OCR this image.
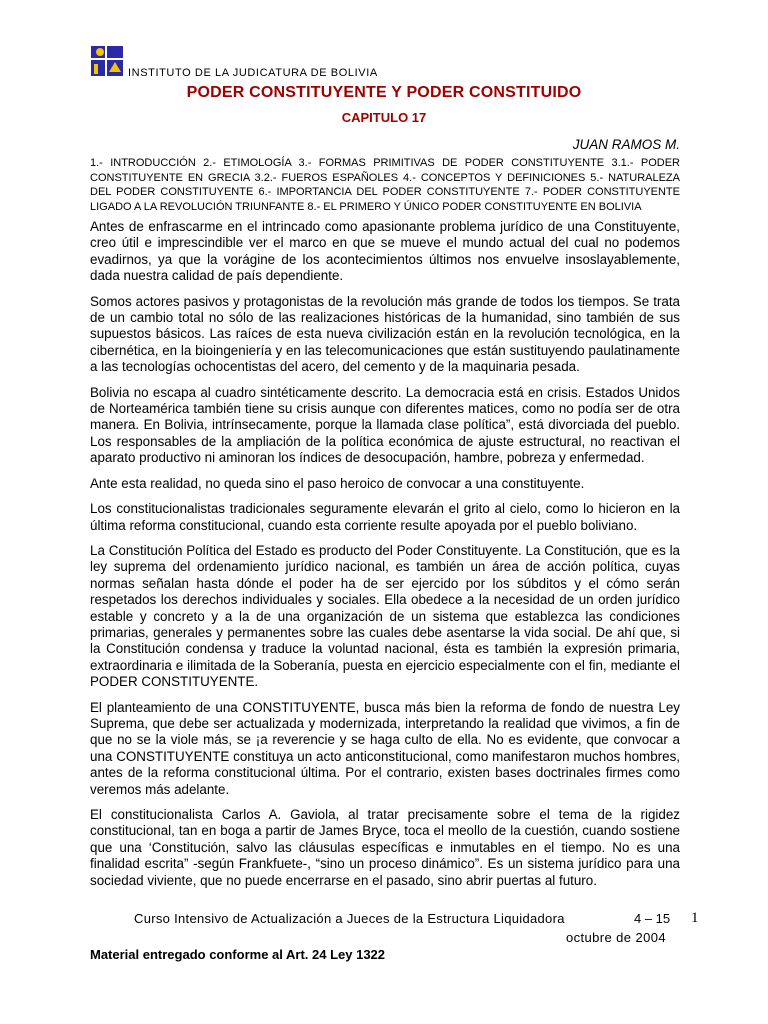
INSTITUTO DE LA JUDICATURA DE BOLIVIA
PODER CONSTITUYENTE Y PODER CONSTITUIDO
CAPITULO 17
JUAN RAMOS M.
1.- INTRODUCCIÓN 2.- ETIMOLOGÍA 3.- FORMAS PRIMITIVAS DE PODER CONSTITUYENTE 3.1.- PODER CONSTITUYENTE EN GRECIA 3.2.- FUEROS ESPAÑOLES 4.- CONCEPTOS Y DEFINICIONES 5.- NATURALEZA DEL PODER CONSTITUYENTE 6.- IMPORTANCIA DEL PODER CONSTITUYENTE 7.- PODER CONSTITUYENTE LIGADO A LA REVOLUCIÓN TRIUNFANTE 8.- EL PRIMERO Y ÚNICO PODER CONSTITUYENTE EN BOLIVIA

Antes de enfrascarme en el intrincado como apasionante problema jurídico de una Constituyente, creo útil e imprescindible ver el marco en que se mueve el mundo actual del cual no podemos evadirnos, ya que la vorágine de los acontecimientos últimos nos envuelve insoslayablemente, dada nuestra calidad de país dependiente.

Somos actores pasivos y protagonistas de la revolución más grande de todos los tiempos. Se trata de un cambio total no sólo de las realizaciones históricas de la humanidad, sino también de sus supuestos básicos. Las raíces de esta nueva civilización están en la revolución tecnológica, en la cibernética, en la bioingeniería y en las telecomunicaciones que están sustituyendo paulatinamente a las tecnologías ochocentistas del acero, del cemento y de la maquinaria pesada.

Bolivia no escapa al cuadro sintéticamente descrito. La democracia está en crisis. Estados Unidos de Norteamérica también tiene su crisis aunque con diferentes matices, como no podía ser de otra manera. En Bolivia, intrínsecamente, porque la llamada clase política”, está divorciada del pueblo. Los responsables de la ampliación de la política económica de ajuste estructural, no reactivan el aparato productivo ni aminoran los índices de desocupación, hambre, pobreza y enfermedad.

Ante esta realidad, no queda sino el paso heroico de convocar a una constituyente.

Los constitucionalistas tradicionales seguramente elevarán el grito al cielo, como lo hicieron en la última reforma constitucional, cuando esta corriente resulte apoyada por el pueblo boliviano.

La Constitución Política del Estado es producto del Poder Constituyente. La Constitución, que es la ley suprema del ordenamiento jurídico nacional, es también un área de acción política, cuyas normas señalan hasta dónde el poder ha de ser ejercido por los súbditos y el cómo serán respetados los derechos individuales y sociales. Ella obedece a la necesidad de un orden jurídico estable y concreto y a la de una organización de un sistema que establezca las condiciones primarias, generales y permanentes sobre las cuales debe asentarse la vida social. De ahí que, si la Constitución condensa y traduce la voluntad nacional, ésta es también la expresión primaria, extraordinaria e ilimitada de la Soberanía, puesta en ejercicio especialmente con el fin, mediante el PODER CONSTITUYENTE.

El planteamiento de una CONSTITUYENTE, busca más bien la reforma de fondo de nuestra Ley Suprema, que debe ser actualizada y modernizada, interpretando la realidad que vivimos, a fin de que no se la viole más, se ¡a reverencie y se haga culto de ella. No es evidente, que convocar a una CONSTITUYENTE constituya un acto anticonstitucional, como manifestaron muchos hombres, antes de la reforma constitucional última. Por el contrario, existen bases doctrinales firmes como veremos más adelante.

El constitucionalista Carlos A. Gaviola, al tratar precisamente sobre el tema de la rigidez constitucional, tan en boga a partir de James Bryce, toca el meollo de la cuestión, cuando sostiene que una ‘Constitución, salvo las cláusulas específicas e inmutables en el tiempo. No es una finalidad escrita” -según Frankfuete-, “sino un proceso dinámico”. Es un sistema jurídico para una sociedad viviente, que no puede encerrarse en el pasado, sino abrir puertas al futuro.

Curso Intensivo de Actualización a Jueces de la Estructura Liquidadora	4 – 15 1
octubre de 2004
Material entregado conforme al Art. 24 Ley 1322
